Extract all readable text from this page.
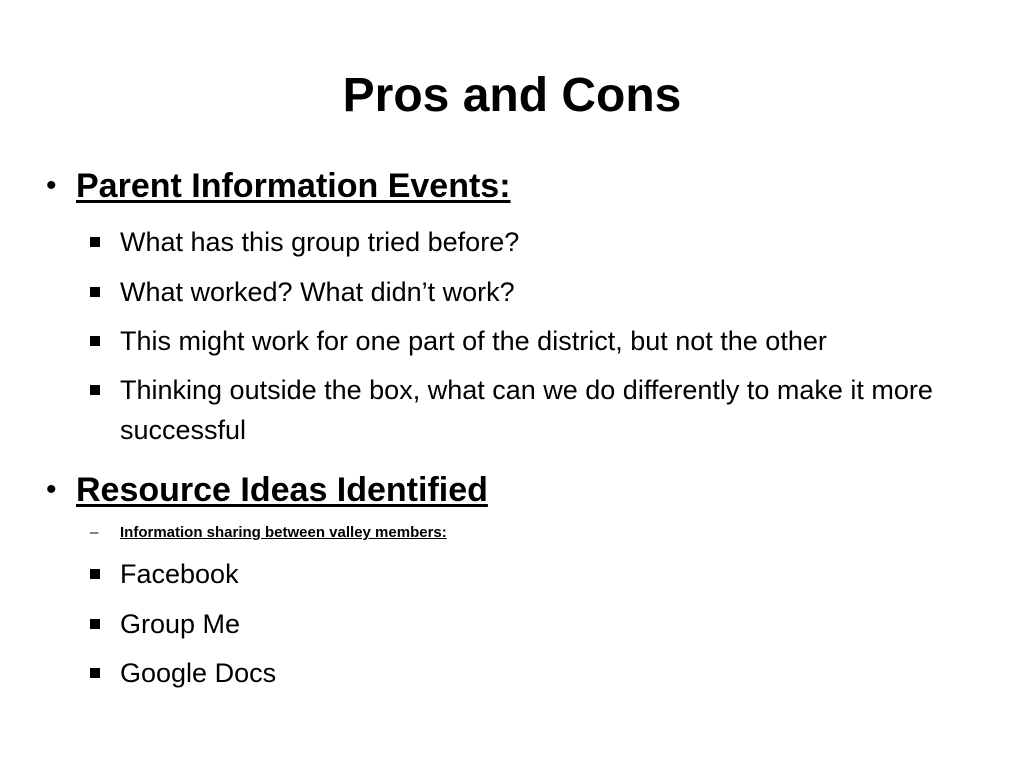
Pros and Cons
• Parent Information Events:
What has this group tried before?
What worked? What didn’t work?
This might work for one part of the district, but not the other
Thinking outside the box, what can we do differently to make it more successful
• Resource Ideas Identified
– Information sharing between valley members:
Facebook
Group Me
Google Docs
